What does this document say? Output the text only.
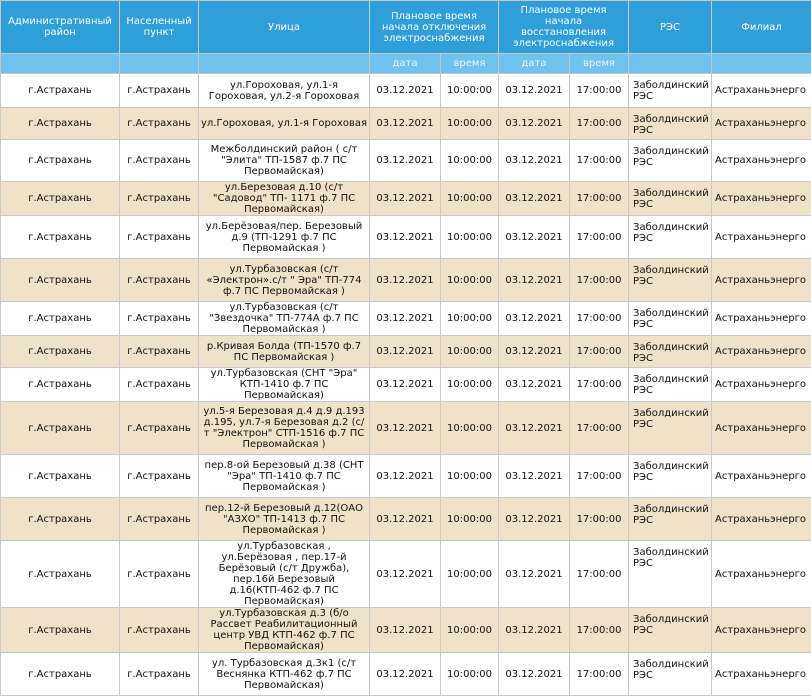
Административный район	Населенный пункт	Улица	Плановое время начала отключения электроснабжения		Плановое время начала восстановления электроснабжения		РЭС	Филиал
			дата	время	дата	время		
г.Астрахань	г.Астрахань	ул.Гороховая, ул.1-я Гороховая, ул.2-я Гороховая	03.12.2021	10:00:00	03.12.2021	17:00:00	Заболдинский РЭС	Астраханьэнерго
г.Астрахань	г.Астрахань	ул.Гороховая, ул.1-я Гороховая	03.12.2021	10:00:00	03.12.2021	17:00:00	Заболдинский РЭС	Астраханьэнерго
г.Астрахань	г.Астрахань	Межболдинский район ( с/т "Элита" ТП-1587 ф.7 ПС Первомайская)	03.12.2021	10:00:00	03.12.2021	17:00:00	Заболдинский РЭС	Астраханьэнерго
г.Астрахань	г.Астрахань	ул.Березовая д.10 (с/т "Садовод" ТП- 1171 ф.7 ПС Первомайская)	03.12.2021	10:00:00	03.12.2021	17:00:00	Заболдинский РЭС	Астраханьэнерго
г.Астрахань	г.Астрахань	ул.Берёзовая/пер. Березовый д.9 (ТП-1291 ф.7 ПС Первомайская )	03.12.2021	10:00:00	03.12.2021	17:00:00	Заболдинский РЭС	Астраханьэнерго
г.Астрахань	г.Астрахань	ул.Турбазовская (с/т «Электрон».с/т " Эра" ТП-774 ф.7 ПС Первомайская )	03.12.2021	10:00:00	03.12.2021	17:00:00	Заболдинский РЭС	Астраханьэнерго
г.Астрахань	г.Астрахань	ул.Турбазовская (с/т "Звездочка" ТП-774А ф.7 ПС Первомайская )	03.12.2021	10:00:00	03.12.2021	17:00:00	Заболдинский РЭС	Астраханьэнерго
г.Астрахань	г.Астрахань	р.Кривая Болда (ТП-1570 ф.7 ПС Первомайская )	03.12.2021	10:00:00	03.12.2021	17:00:00	Заболдинский РЭС	Астраханьэнерго
г.Астрахань	г.Астрахань	ул.Турбазовская (СНТ "Эра" КТП-1410 ф.7 ПС Первомайская)	03.12.2021	10:00:00	03.12.2021	17:00:00	Заболдинский РЭС	Астраханьэнерго
г.Астрахань	г.Астрахань	ул.5-я Березовая д.4 д.9 д.193 д.195, ул.7-я Березовая д.2 (с/т "Электрон" СТП-1516 ф.7 ПС Первомайская )	03.12.2021	10:00:00	03.12.2021	17:00:00	Заболдинский РЭС	Астраханьэнерго
г.Астрахань	г.Астрахань	пер.8-ой Березовый д.38 (СНТ "Эра" ТП-1410 ф.7 ПС Первомайская )	03.12.2021	10:00:00	03.12.2021	17:00:00	Заболдинский РЭС	Астраханьэнерго
г.Астрахань	г.Астрахань	пер.12-й Березовый д.12(ОАО "АЗХО" ТП-1413 ф.7 ПС Первомайская )	03.12.2021	10:00:00	03.12.2021	17:00:00	Заболдинский РЭС	Астраханьэнерго
г.Астрахань	г.Астрахань	ул.Турбазовская , ул.Берёзовая , пер.17-й Берёзовый (с/т Дружба), пер.16й Березовый д.16(КТП-462 ф.7 ПС Первомайская)	03.12.2021	10:00:00	03.12.2021	17:00:00	Заболдинский РЭС	Астраханьэнерго
г.Астрахань	г.Астрахань	ул.Турбазовская д.3 (б/о Рассвет Реабилитационный центр УВД КТП-462 ф.7 ПС Первомайская)	03.12.2021	10:00:00	03.12.2021	17:00:00	Заболдинский РЭС	Астраханьэнерго
г.Астрахань	г.Астрахань	ул. Турбазовская д.3к1 (с/т Веснянка КТП-462 ф.7 ПС Первомайская)	03.12.2021	10:00:00	03.12.2021	17:00:00	Заболдинский РЭС	Астраханьэнерго
